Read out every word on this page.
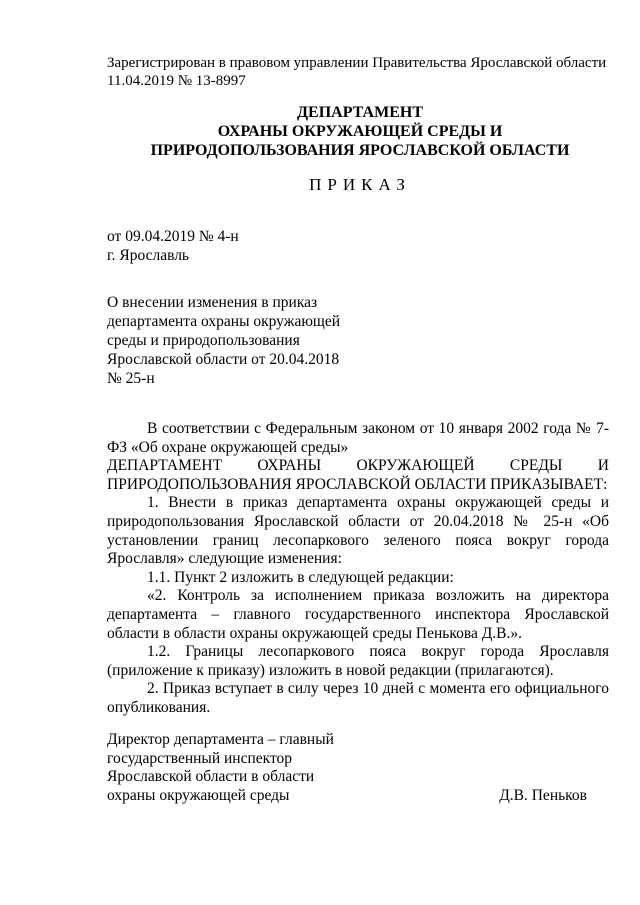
Зарегистрирован в правовом управлении Правительства Ярославской области
11.04.2019 № 13-8997
ДЕПАРТАМЕНТ
ОХРАНЫ ОКРУЖАЮЩЕЙ СРЕДЫ И
ПРИРОДОПОЛЬЗОВАНИЯ ЯРОСЛАВСКОЙ ОБЛАСТИ
ПРИКАЗ
от 09.04.2019 № 4-н
г. Ярославль
О внесении изменения в приказ
департамента охраны окружающей
среды и природопользования
Ярославской области от 20.04.2018
№ 25-н

В соответствии с Федеральным законом от 10 января 2002 года № 7-ФЗ «Об охране окружающей среды»

ДЕПАРТАМЕНТ ОХРАНЫ ОКРУЖАЮЩЕЙ СРЕДЫ И

ПРИРОДОПОЛЬЗОВАНИЯ ЯРОСЛАВСКОЙ ОБЛАСТИ ПРИКАЗЫВАЕТ:

1. Внести в приказ департамента охраны окружающей среды и природопользования Ярославской области от 20.04.2018 № 25-н «Об установлении границ лесопаркового зеленого пояса вокруг города Ярославля» следующие изменения:

1.1. Пункт 2 изложить в следующей редакции:

«2. Контроль за исполнением приказа возложить на директора департамента – главного государственного инспектора Ярославской области в области охраны окружающей среды Пенькова Д.В.».

1.2. Границы лесопаркового пояса вокруг города Ярославля (приложение к приказу) изложить в новой редакции (прилагаются).

2. Приказ вступает в силу через 10 дней с момента его официального опубликования.

Директор департамента – главный
государственный инспектор
Ярославской области в области
охраны окружающей среды	Д.В. Пеньков
